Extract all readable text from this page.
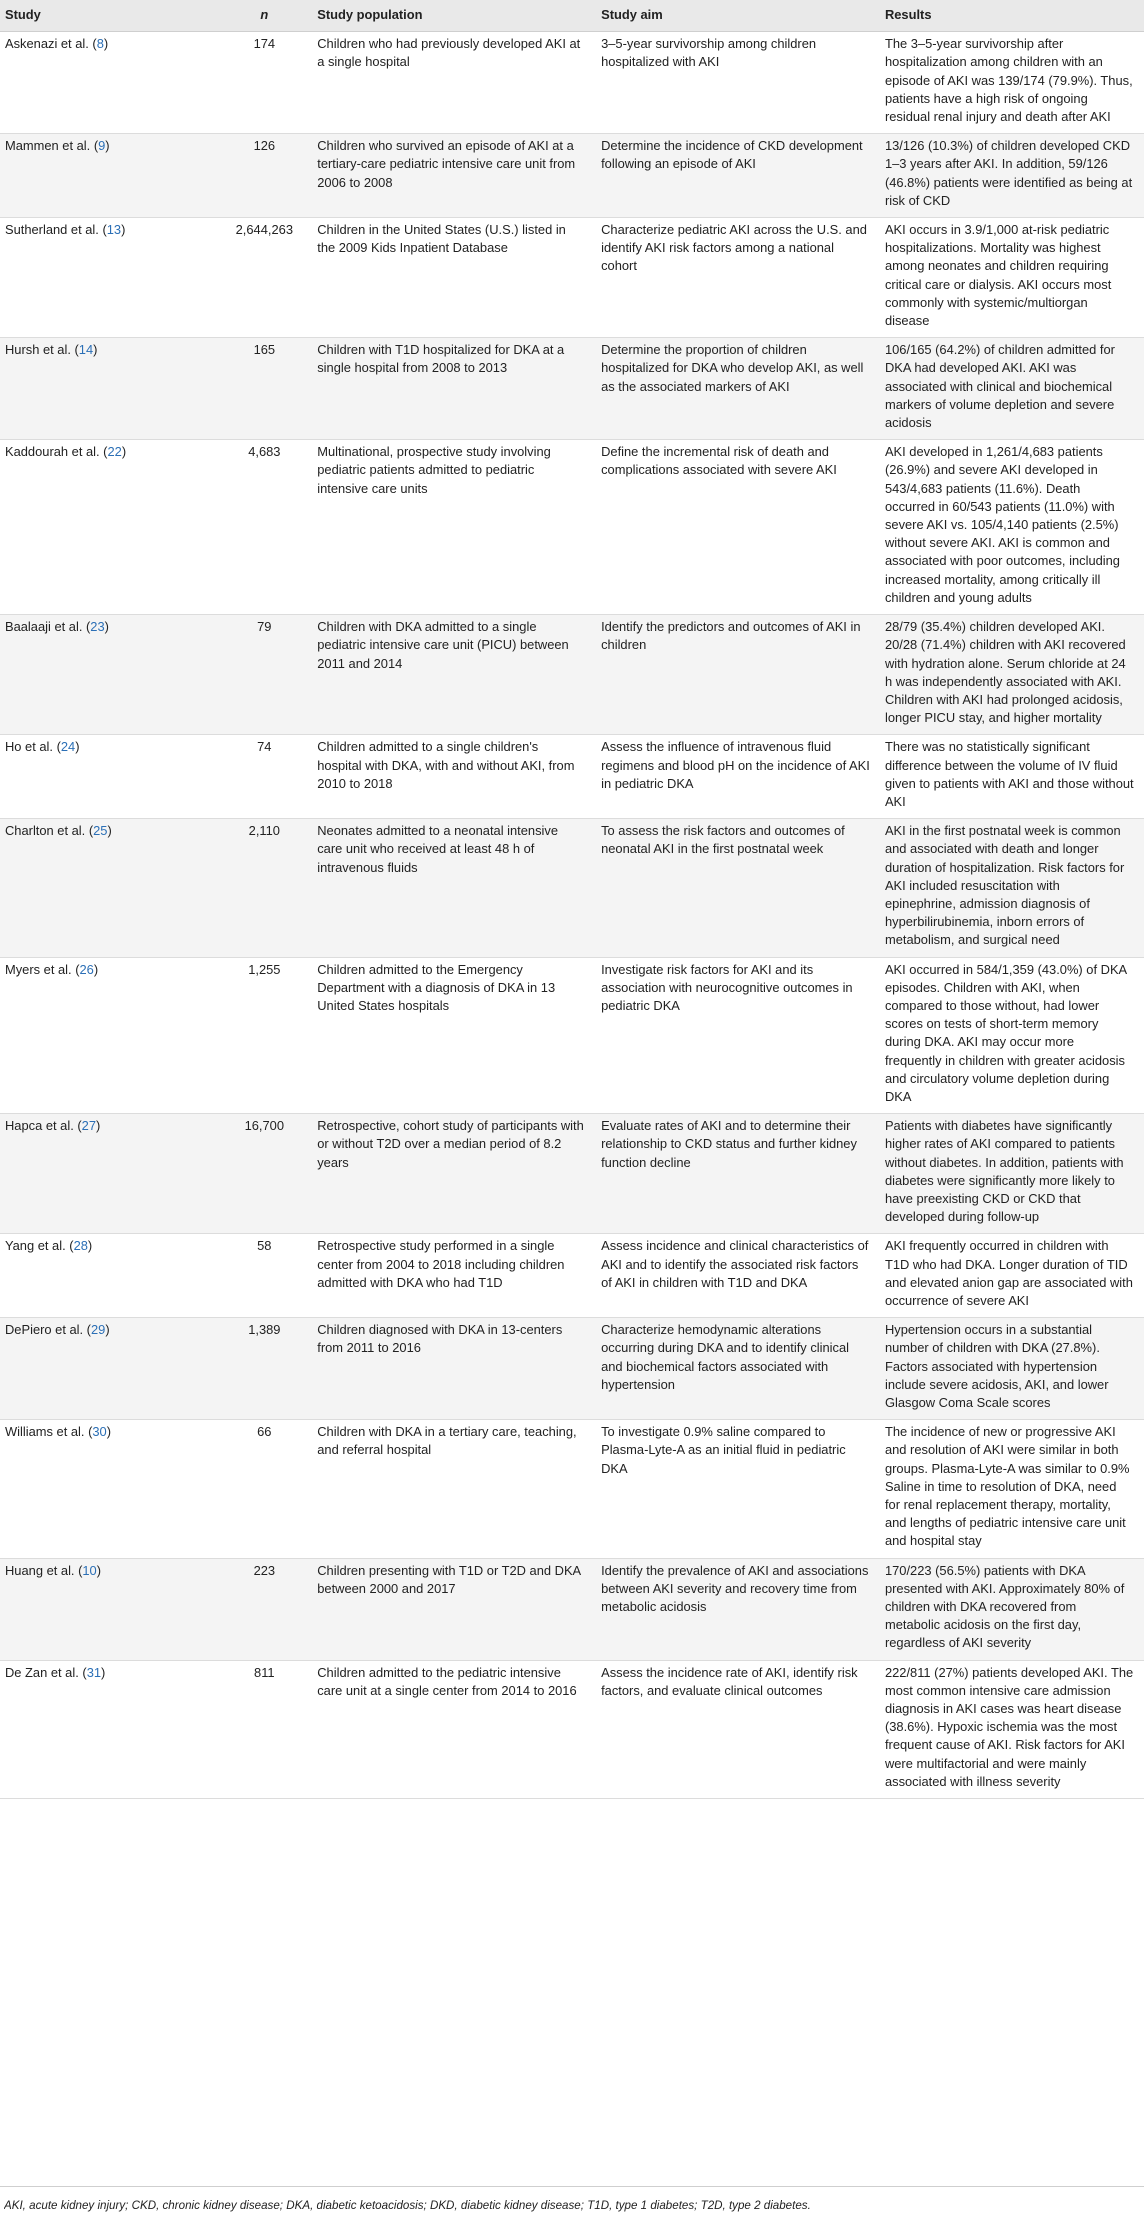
Study	n	Study population	Study aim	Results
Askenazi et al. (8)	174	Children who had previously developed AKI at a single hospital	3–5-year survivorship among children hospitalized with AKI	The 3–5-year survivorship after hospitalization among children with an episode of AKI was 139/174 (79.9%). Thus, patients have a high risk of ongoing residual renal injury and death after AKI
Mammen et al. (9)	126	Children who survived an episode of AKI at a tertiary-care pediatric intensive care unit from 2006 to 2008	Determine the incidence of CKD development following an episode of AKI	13/126 (10.3%) of children developed CKD 1–3 years after AKI. In addition, 59/126 (46.8%) patients were identified as being at risk of CKD
Sutherland et al. (13)	2,644,263	Children in the United States (U.S.) listed in the 2009 Kids Inpatient Database	Characterize pediatric AKI across the U.S. and identify AKI risk factors among a national cohort	AKI occurs in 3.9/1,000 at-risk pediatric hospitalizations. Mortality was highest among neonates and children requiring critical care or dialysis. AKI occurs most commonly with systemic/multiorgan disease
Hursh et al. (14)	165	Children with T1D hospitalized for DKA at a single hospital from 2008 to 2013	Determine the proportion of children hospitalized for DKA who develop AKI, as well as the associated markers of AKI	106/165 (64.2%) of children admitted for DKA had developed AKI. AKI was associated with clinical and biochemical markers of volume depletion and severe acidosis
Kaddourah et al. (22)	4,683	Multinational, prospective study involving pediatric patients admitted to pediatric intensive care units	Define the incremental risk of death and complications associated with severe AKI	AKI developed in 1,261/4,683 patients (26.9%) and severe AKI developed in 543/4,683 patients (11.6%). Death occurred in 60/543 patients (11.0%) with severe AKI vs. 105/4,140 patients (2.5%) without severe AKI. AKI is common and associated with poor outcomes, including increased mortality, among critically ill children and young adults
Baalaaji et al. (23)	79	Children with DKA admitted to a single pediatric intensive care unit (PICU) between 2011 and 2014	Identify the predictors and outcomes of AKI in children	28/79 (35.4%) children developed AKI. 20/28 (71.4%) children with AKI recovered with hydration alone. Serum chloride at 24 h was independently associated with AKI. Children with AKI had prolonged acidosis, longer PICU stay, and higher mortality
Ho et al. (24)	74	Children admitted to a single children's hospital with DKA, with and without AKI, from 2010 to 2018	Assess the influence of intravenous fluid regimens and blood pH on the incidence of AKI in pediatric DKA	There was no statistically significant difference between the volume of IV fluid given to patients with AKI and those without AKI
Charlton et al. (25)	2,110	Neonates admitted to a neonatal intensive care unit who received at least 48 h of intravenous fluids	To assess the risk factors and outcomes of neonatal AKI in the first postnatal week	AKI in the first postnatal week is common and associated with death and longer duration of hospitalization. Risk factors for AKI included resuscitation with epinephrine, admission diagnosis of hyperbilirubinemia, inborn errors of metabolism, and surgical need
Myers et al. (26)	1,255	Children admitted to the Emergency Department with a diagnosis of DKA in 13 United States hospitals	Investigate risk factors for AKI and its association with neurocognitive outcomes in pediatric DKA	AKI occurred in 584/1,359 (43.0%) of DKA episodes. Children with AKI, when compared to those without, had lower scores on tests of short-term memory during DKA. AKI may occur more frequently in children with greater acidosis and circulatory volume depletion during DKA
Hapca et al. (27)	16,700	Retrospective, cohort study of participants with or without T2D over a median period of 8.2 years	Evaluate rates of AKI and to determine their relationship to CKD status and further kidney function decline	Patients with diabetes have significantly higher rates of AKI compared to patients without diabetes. In addition, patients with diabetes were significantly more likely to have preexisting CKD or CKD that developed during follow-up
Yang et al. (28)	58	Retrospective study performed in a single center from 2004 to 2018 including children admitted with DKA who had T1D	Assess incidence and clinical characteristics of AKI and to identify the associated risk factors of AKI in children with T1D and DKA	AKI frequently occurred in children with T1D who had DKA. Longer duration of TID and elevated anion gap are associated with occurrence of severe AKI
DePiero et al. (29)	1,389	Children diagnosed with DKA in 13-centers from 2011 to 2016	Characterize hemodynamic alterations occurring during DKA and to identify clinical and biochemical factors associated with hypertension	Hypertension occurs in a substantial number of children with DKA (27.8%). Factors associated with hypertension include severe acidosis, AKI, and lower Glasgow Coma Scale scores
Williams et al. (30)	66	Children with DKA in a tertiary care, teaching, and referral hospital	To investigate 0.9% saline compared to Plasma-Lyte-A as an initial fluid in pediatric DKA	The incidence of new or progressive AKI and resolution of AKI were similar in both groups. Plasma-Lyte-A was similar to 0.9% Saline in time to resolution of DKA, need for renal replacement therapy, mortality, and lengths of pediatric intensive care unit and hospital stay
Huang et al. (10)	223	Children presenting with T1D or T2D and DKA between 2000 and 2017	Identify the prevalence of AKI and associations between AKI severity and recovery time from metabolic acidosis	170/223 (56.5%) patients with DKA presented with AKI. Approximately 80% of children with DKA recovered from metabolic acidosis on the first day, regardless of AKI severity
De Zan et al. (31)	811	Children admitted to the pediatric intensive care unit at a single center from 2014 to 2016	Assess the incidence rate of AKI, identify risk factors, and evaluate clinical outcomes	222/811 (27%) patients developed AKI. The most common intensive care admission diagnosis in AKI cases was heart disease (38.6%). Hypoxic ischemia was the most frequent cause of AKI. Risk factors for AKI were multifactorial and were mainly associated with illness severity
AKI, acute kidney injury; CKD, chronic kidney disease; DKA, diabetic ketoacidosis; DKD, diabetic kidney disease; T1D, type 1 diabetes; T2D, type 2 diabetes.
